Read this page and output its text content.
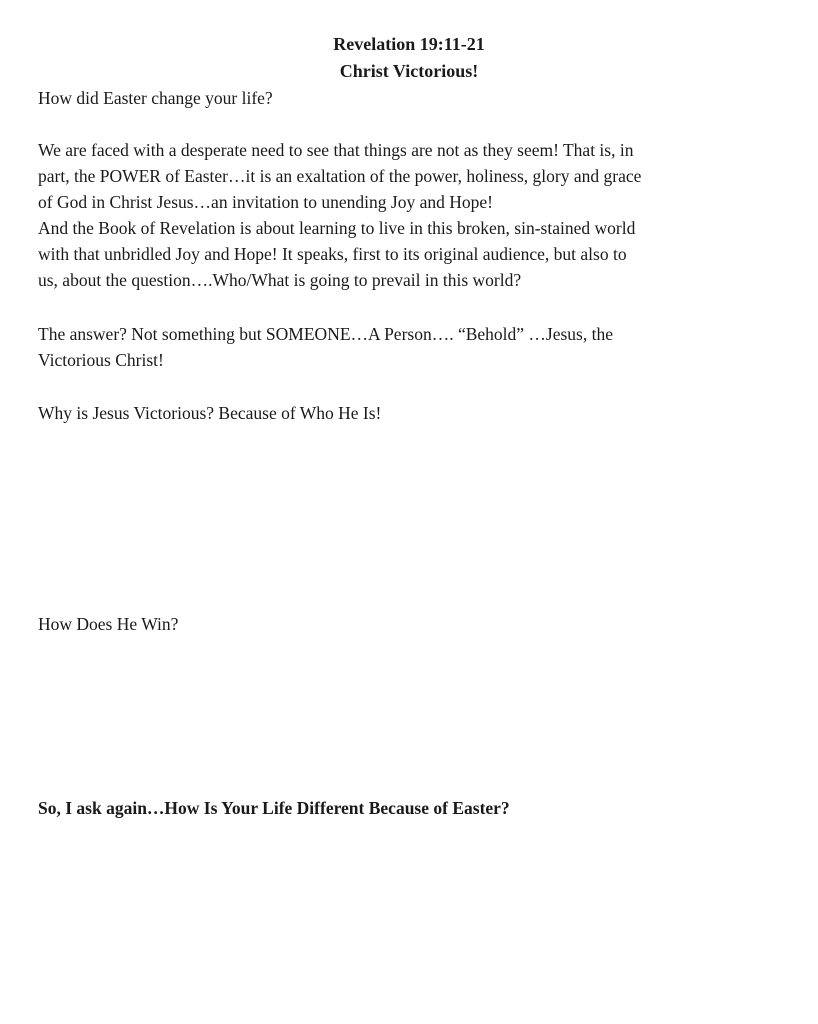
Revelation 19:11-21
Christ Victorious!

How did Easter change your life?

We are faced with a desperate need to see that things are not as they seem! That is, in
part, the POWER of Easter…it is an exaltation of the power, holiness, glory and grace
of God in Christ Jesus…an invitation to unending Joy and Hope!
And the Book of Revelation is about learning to live in this broken, sin-stained world
with that unbridled Joy and Hope! It speaks, first to its original audience, but also to
us, about the question….Who/What is going to prevail in this world?

The answer? Not something but SOMEONE…A Person…. “Behold” …Jesus, the
Victorious Christ!

Why is Jesus Victorious? Because of Who He Is!

How Does He Win?

So, I ask again…How Is Your Life Different Because of Easter?
